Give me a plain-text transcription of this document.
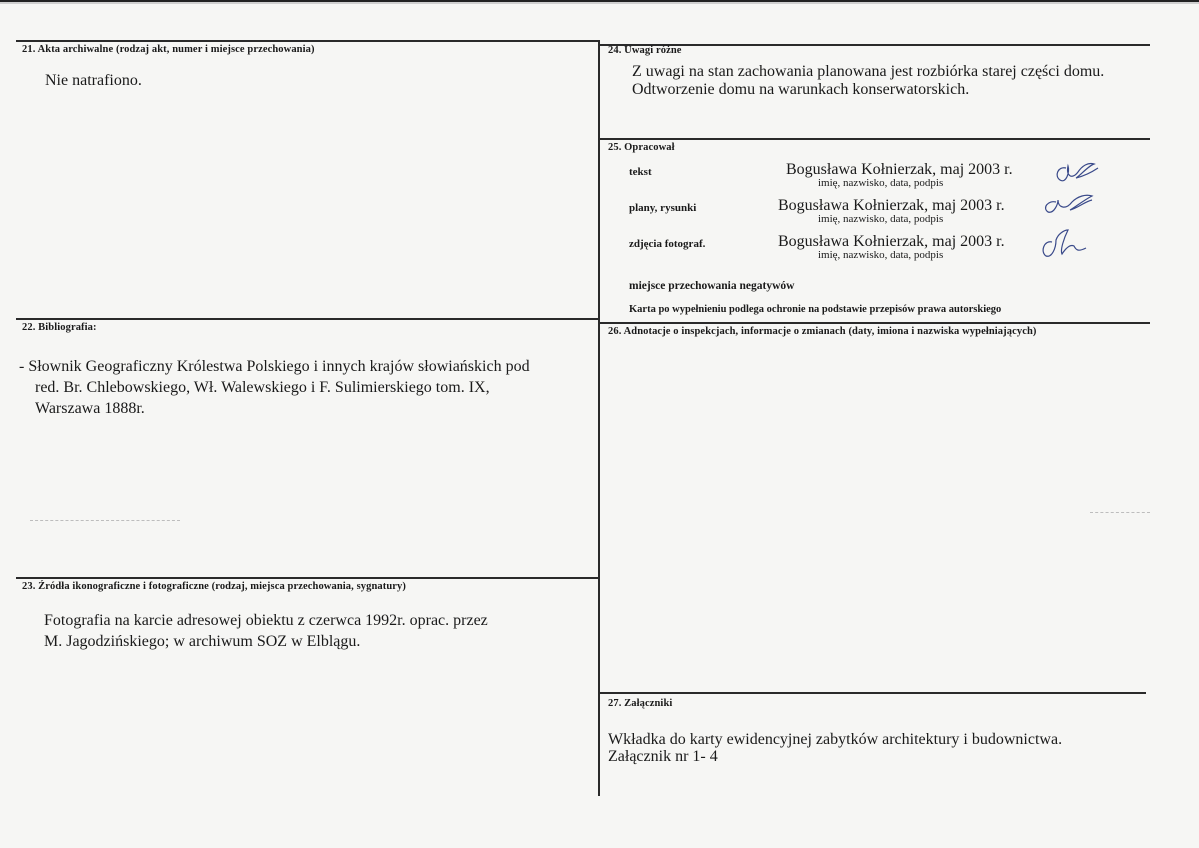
21. Akta archiwalne (rodzaj akt, numer i miejsce przechowania)
Nie natrafiono.
22. Bibliografia:
- Słownik Geograficzny Królestwa Polskiego i innych krajów słowiańskich pod
red. Br. Chlebowskiego, Wł. Walewskiego i F. Sulimierskiego tom. IX,
Warszawa 1888r.
23. Źródła ikonograficzne i fotograficzne (rodzaj, miejsca przechowania, sygnatury)
Fotografia na karcie adresowej obiektu z czerwca 1992r. oprac. przez
M. Jagodzińskiego; w archiwum SOZ w Elblągu.
24. Uwagi różne
Z uwagi na stan zachowania planowana jest rozbiórka starej części domu.
Odtworzenie domu na warunkach konserwatorskich.
25. Opracował
tekst	Bogusława Kołnierzak, maj 2003 r.
imię, nazwisko, data, podpis
plany, rysunki	Bogusława Kołnierzak, maj 2003 r.
imię, nazwisko, data, podpis
zdjęcia fotograf.	Bogusława Kołnierzak, maj 2003 r.
imię, nazwisko, data, podpis
miejsce przechowania negatywów
Karta po wypełnieniu podlega ochronie na podstawie przepisów prawa autorskiego
26. Adnotacje o inspekcjach, informacje o zmianach (daty, imiona i nazwiska wypełniających)
27. Załączniki
Wkładka do karty ewidencyjnej zabytków architektury i budownictwa.
Załącznik nr 1- 4
